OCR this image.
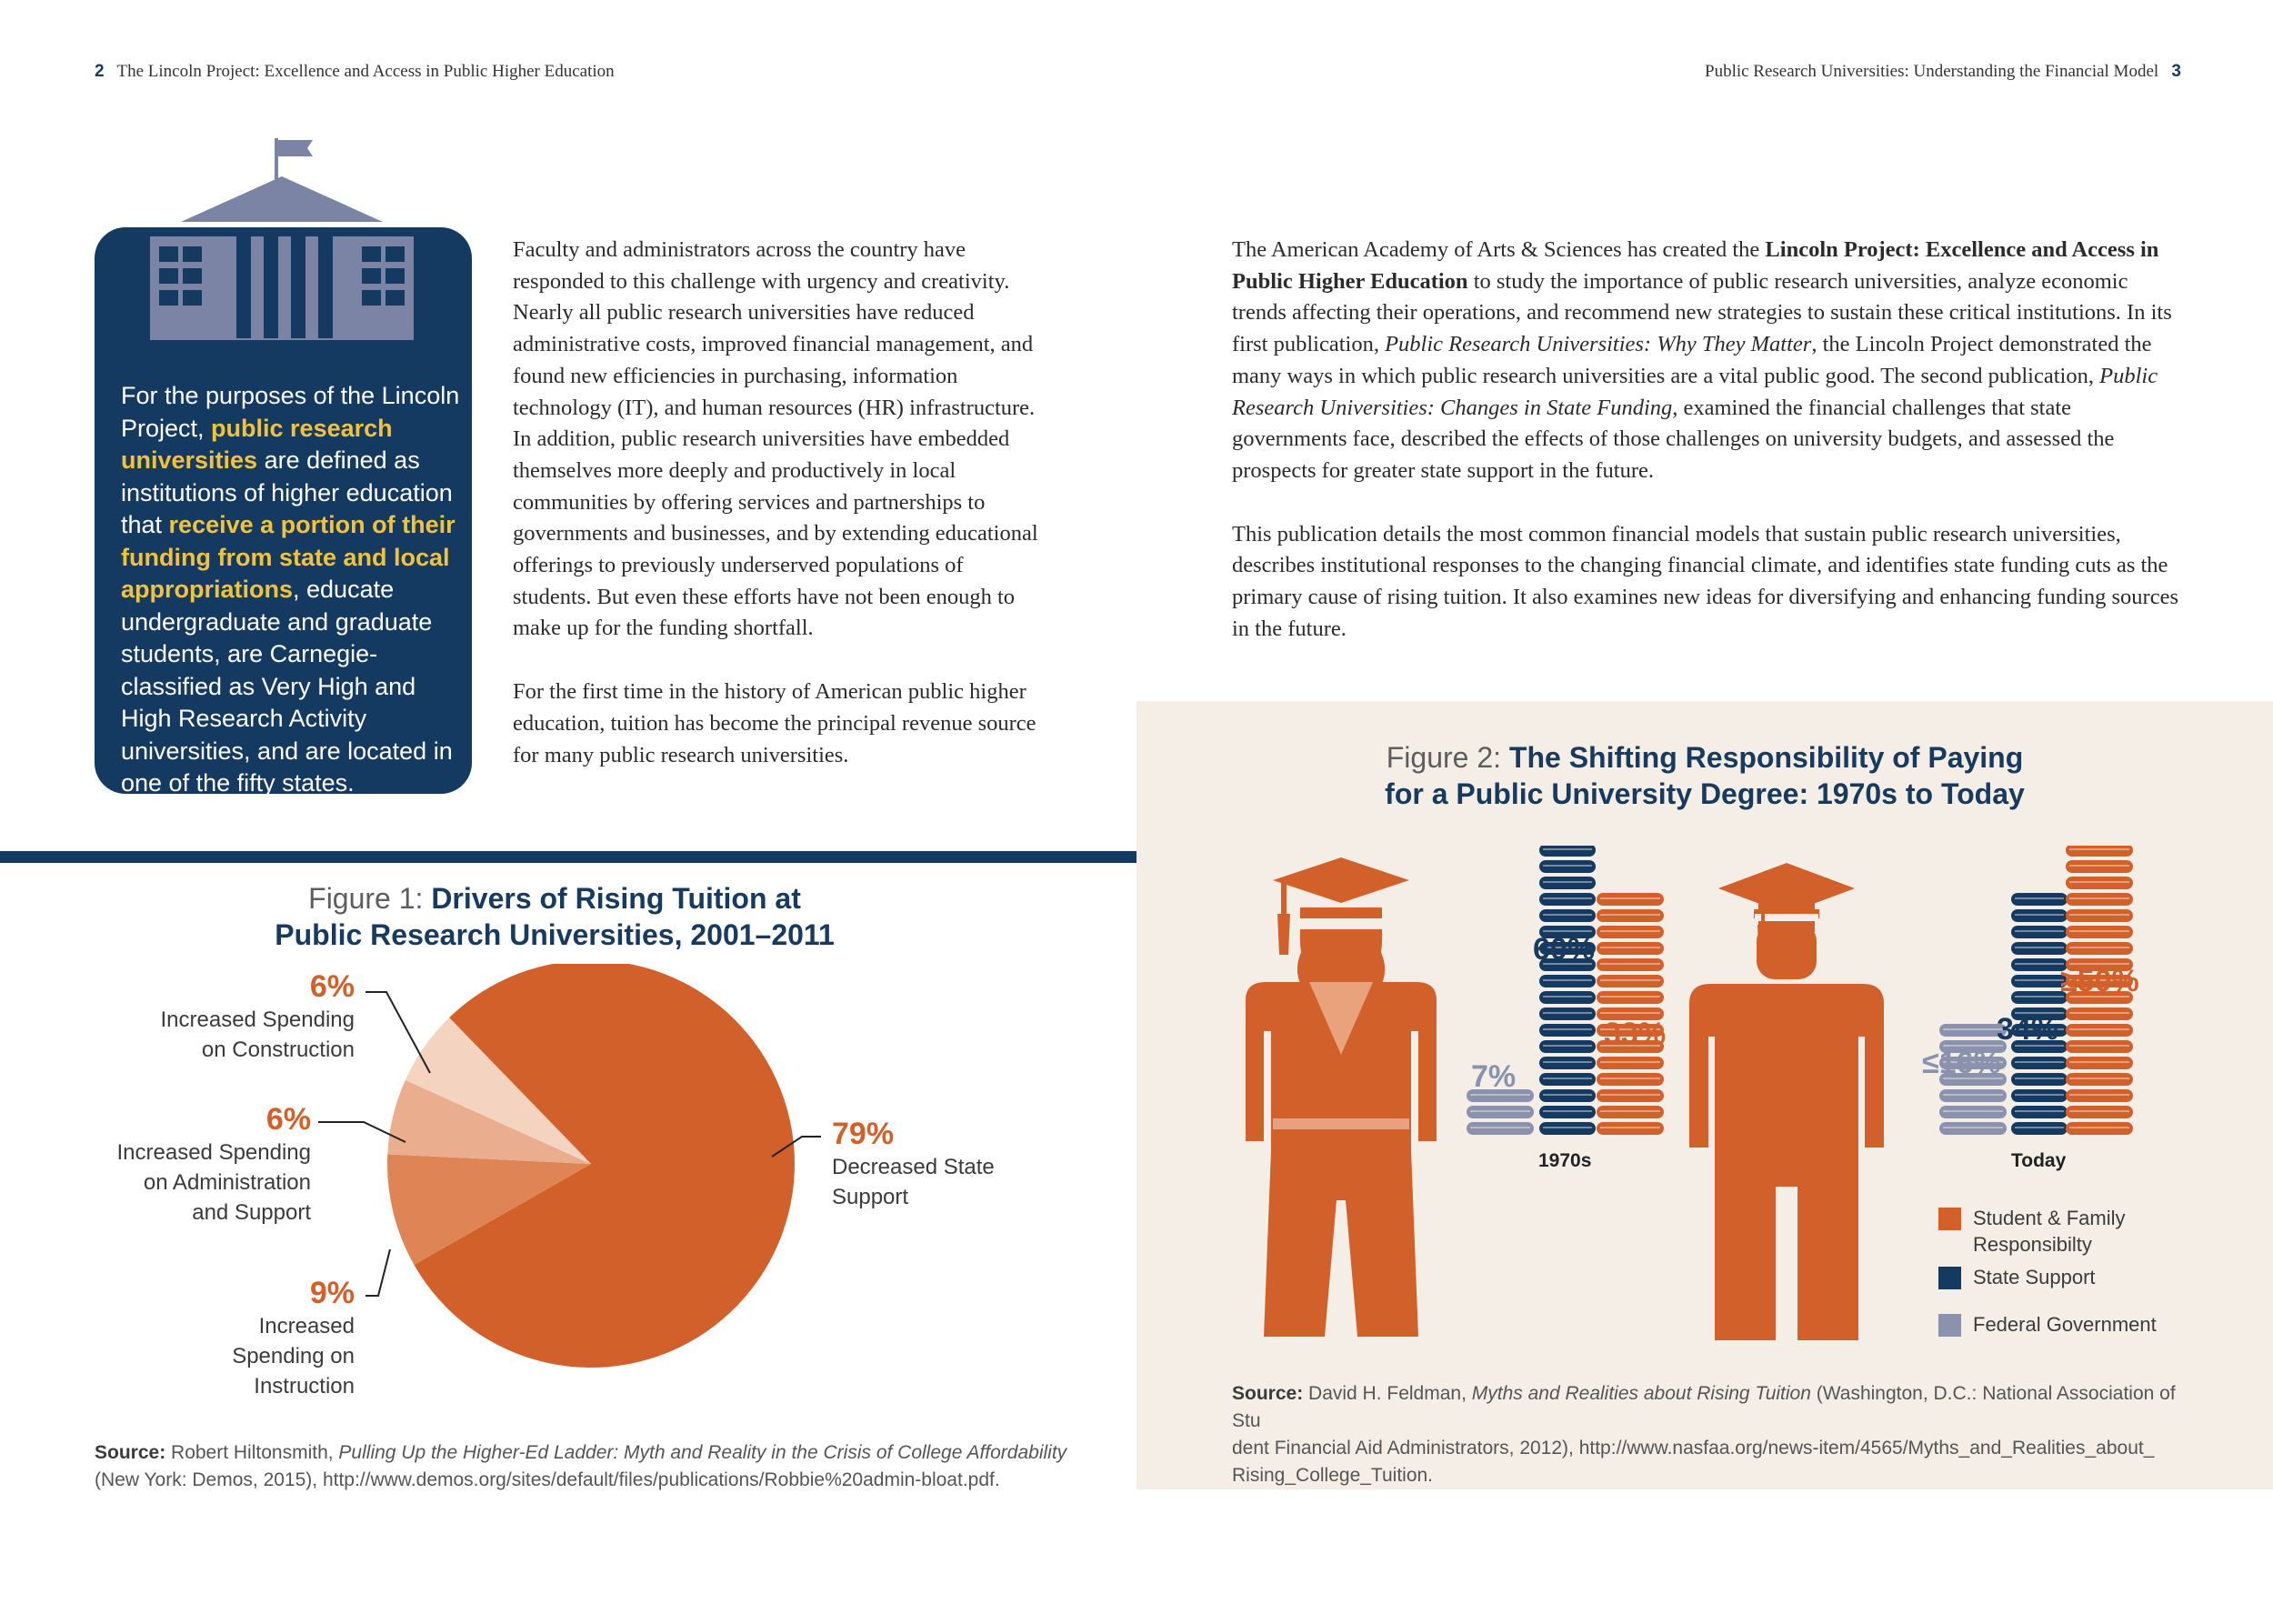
2 The Lincoln Project: Excellence and Access in Public Higher Education	Public Research Universities: Understanding the Financial Model 3
For the purposes of the Lincoln Project, public research universities are defined as institutions of higher education that receive a portion of their funding from state and local appropriations, educate undergraduate and graduate students, are Carnegie-classified as Very High and High Research Activity universities, and are located in one of the fifty states.

Faculty and administrators across the country have responded to this challenge with urgency and creativity. Nearly all public research universities have reduced administrative costs, improved financial management, and found new efficiencies in purchasing, information technology (IT), and human resources (HR) infrastructure. In addition, public research universities have embedded themselves more deeply and productively in local communities by offering services and partnerships to governments and businesses, and by extending educational offerings to previously underserved populations of students. But even these efforts have not been enough to make up for the funding shortfall.

For the first time in the history of American public higher education, tuition has become the principal revenue source for many public research universities.

The American Academy of Arts & Sciences has created the Lincoln Project: Excellence and Access in Public Higher Education to study the importance of public research universities, analyze economic trends affecting their operations, and recommend new strategies to sustain these critical institutions. In its first publication, Public Research Universities: Why They Matter, the Lincoln Project demonstrated the many ways in which public research universities are a vital public good. The second publication, Public Research Universities: Changes in State Funding, examined the financial challenges that state governments face, described the effects of those challenges on university budgets, and assessed the prospects for greater state support in the future.

This publication details the most common financial models that sustain public research universities, describes institutional responses to the changing financial climate, and identifies state funding cuts as the primary cause of rising tuition. It also examines new ideas for diversifying and enhancing funding sources in the future.

Figure 1: Drivers of Rising Tuition at
Public Research Universities, 2001–2011
6%
Increased Spending
on Construction
6%
Increased Spending
on Administration
and Support
9%
Increased
Spending on
Instruction
79%
Decreased State
Support
Source: Robert Hiltonsmith, Pulling Up the Higher-Ed Ladder: Myth and Reality in the Crisis of College Affordability
(New York: Demos, 2015), http://www.demos.org/sites/default/files/publications/Robbie%20admin-bloat.pdf.
Figure 2: The Shifting Responsibility of Paying
for a Public University Degree: 1970s to Today
7%
60%
33%
1970s
≤16%
34%
≥50%
Today
Student & Family
Responsibilty
State Support
Federal Government
Source: David H. Feldman, Myths and Realities about Rising Tuition (Washington, D.C.: National Association of Stu
dent Financial Aid Administrators, 2012), http://www.nasfaa.org/news-item/4565/Myths_and_Realities_about_
Rising_College_Tuition.
